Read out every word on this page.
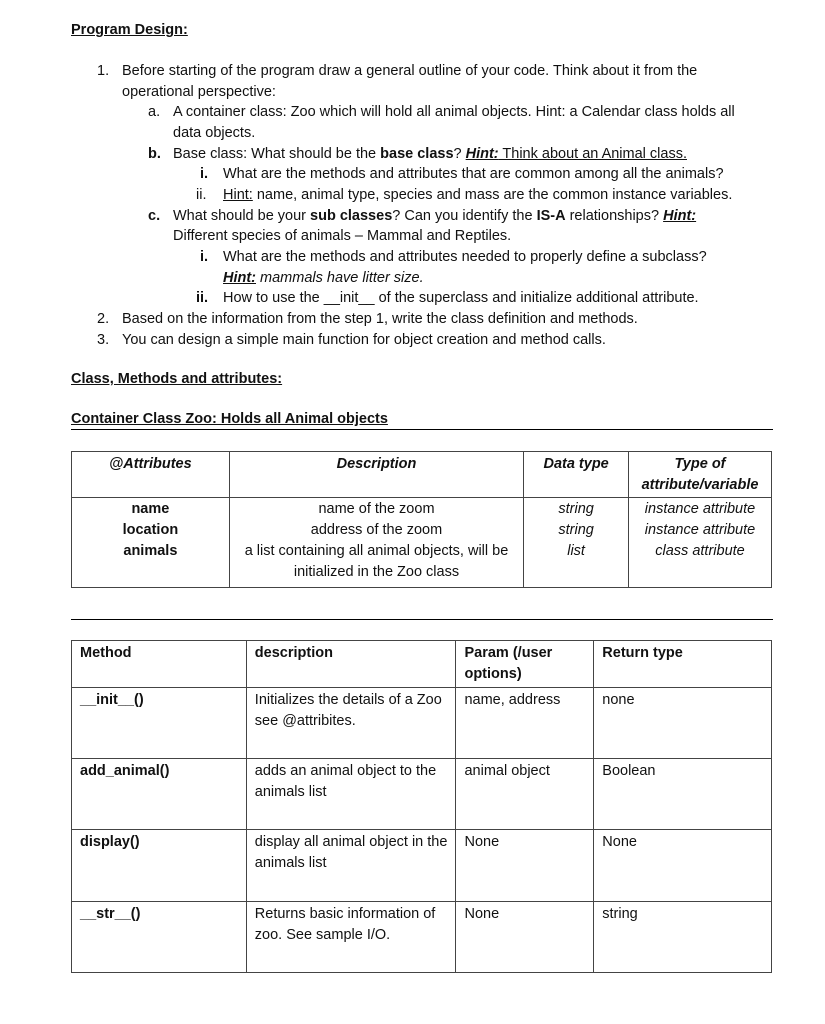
Program Design:
1. Before starting of the program draw a general outline of your code. Think about it from the
operational perspective:
a. A container class: Zoo which will hold all animal objects. Hint: a Calendar class holds all
data objects.
b. Base class: What should be the base class? Hint: Think about an Animal class.
i. What are the methods and attributes that are common among all the animals?
ii. Hint: name, animal type, species and mass are the common instance variables.
c. What should be your sub classes? Can you identify the IS-A relationships? Hint:
Different species of animals – Mammal and Reptiles.
i. What are the methods and attributes needed to properly define a subclass?
Hint: mammals have litter size.
ii. How to use the __init__ of the superclass and initialize additional attribute.
2. Based on the information from the step 1, write the class definition and methods.
3. You can design a simple main function for object creation and method calls.
Class, Methods and attributes:
Container Class Zoo: Holds all Animal objects
@Attributes	Description	Data type	Type of attribute/variable
name	name of the zoom	string	instance attribute
location	address of the zoom	string	instance attribute
animals	a list containing all animal objects, will be initialized in the Zoo class	list	class attribute
Method	description	Param (/user options)	Return type
__init__()	Initializes the details of a Zoo see @attribites.	name, address	none
add_animal()	adds an animal object to the animals list	animal object	Boolean
display()	display all animal object in the animals list	None	None
__str__()	Returns basic information of zoo. See sample I/O.	None	string
